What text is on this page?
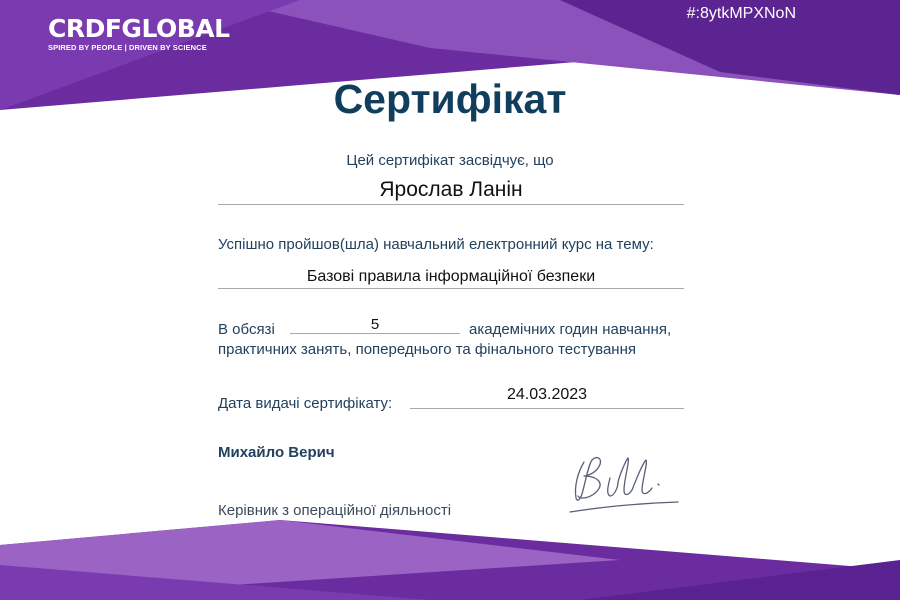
CRDFGLOBAL
SPIRED BY PEOPLE | DRIVEN BY SCIENCE
#:8ytkMPXNoN
Сертифікат
Цей сертифікат засвідчує, що
Ярослав Ланін
Успішно пройшов(шла) навчальний електронний курс на тему:
Базові правила інформаційної безпеки
В обсязі	5	академічних годин навчання,
практичних занять, попереднього та фінального тестування
Дата видачі сертифікату:
24.03.2023
Михайло Верич
Керівник з операційної діяльності
